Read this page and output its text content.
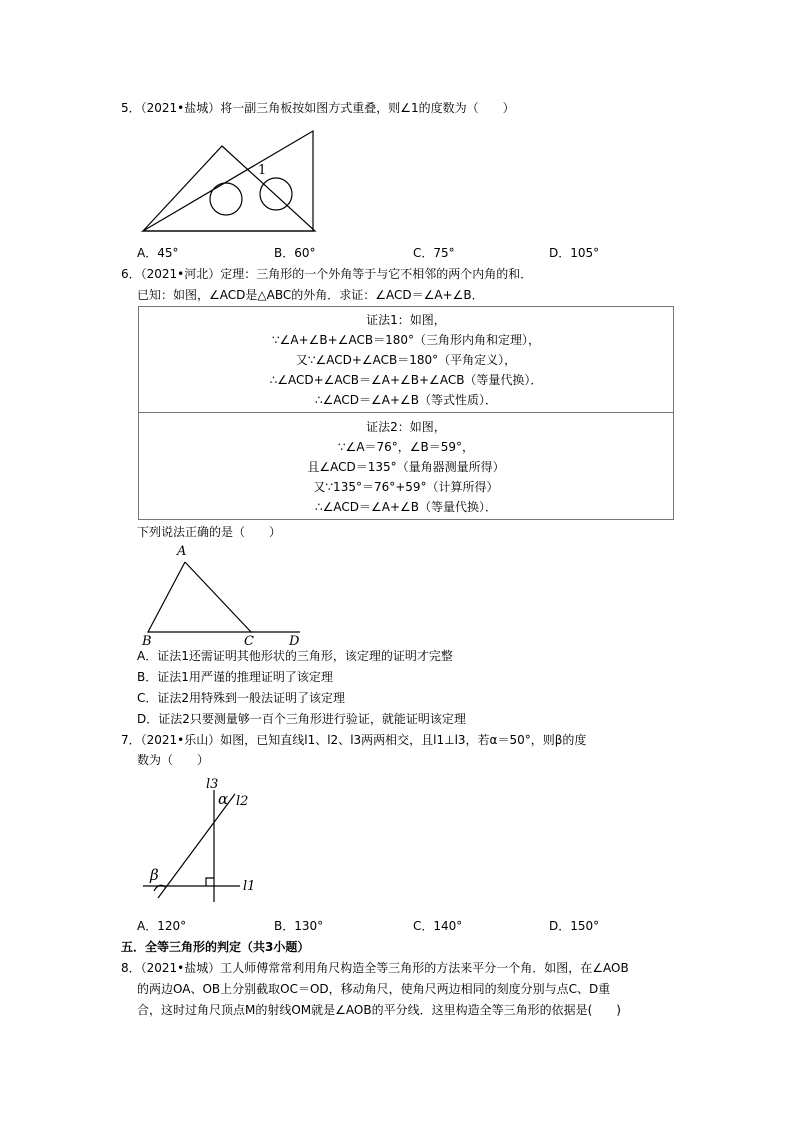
5．（2021•盐城）将一副三角板按如图方式重叠，则∠1的度数为（　　）
1
A．45°	B．60°	C．75°	D．105°
6．（2021•河北）定理：三角形的一个外角等于与它不相邻的两个内角的和．
已知：如图，∠ACD是△ABC的外角．求证：∠ACD＝∠A+∠B．
证法1：如图，
∵∠A+∠B+∠ACB＝180°（三角形内角和定理），
又∵∠ACD+∠ACB＝180°（平角定义），
∴∠ACD+∠ACB＝∠A+∠B+∠ACB（等量代换）．
∴∠ACD＝∠A+∠B（等式性质）．
证法2：如图，
∵∠A＝76°，∠B＝59°，
且∠ACD＝135°（量角器测量所得）
又∵135°＝76°+59°（计算所得）
∴∠ACD＝∠A+∠B（等量代换）．
下列说法正确的是（　　）
A
B	C	D
A．证法1还需证明其他形状的三角形，该定理的证明才完整
B．证法1用严谨的推理证明了该定理
C．证法2用特殊到一般法证明了该定理
D．证法2只要测量够一百个三角形进行验证，就能证明该定理
7．（2021•乐山）如图，已知直线l1、l2、l3两两相交，且l1⊥l3，若α＝50°，则β的度
数为（　　）
l3
l2
l1
α
β
A．120°	B．130°	C．140°	D．150°
五．全等三角形的判定（共3小题）
8．（2021•盐城）工人师傅常常利用角尺构造全等三角形的方法来平分一个角．如图，在∠AOB
的两边OA、OB上分别截取OC＝OD，移动角尺，使角尺两边相同的刻度分别与点C、D重
合，这时过角尺顶点M的射线OM就是∠AOB的平分线．这里构造全等三角形的依据是(　　)
